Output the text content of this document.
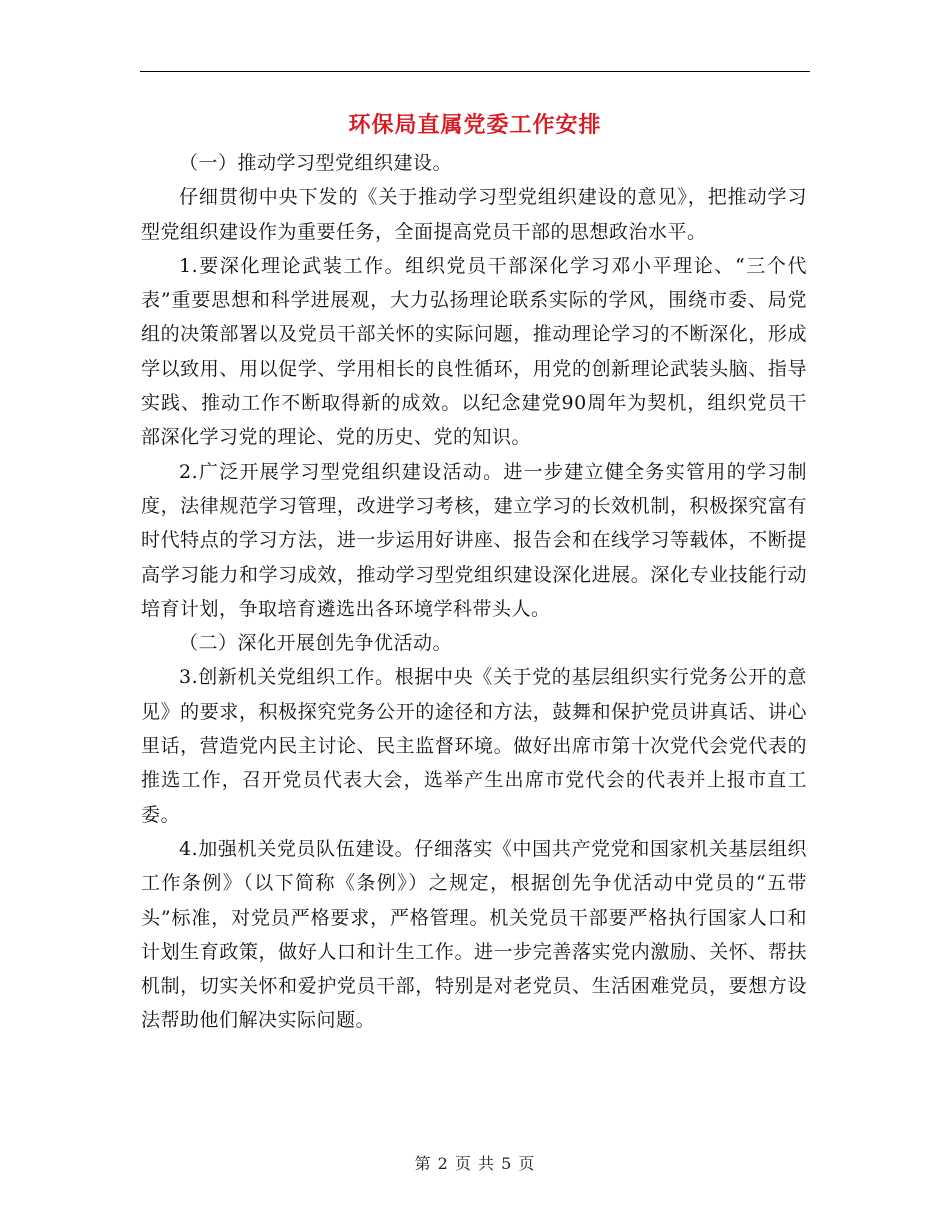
环保局直属党委工作安排

（一）推动学习型党组织建设。

仔细贯彻中央下发的《关于推动学习型党组织建设的意见》，把推动学习型党组织建设作为重要任务，全面提高党员干部的思想政治水平。

1.要深化理论武装工作。组织党员干部深化学习邓小平理论、“三个代表”重要思想和科学进展观，大力弘扬理论联系实际的学风，围绕市委、局党组的决策部署以及党员干部关怀的实际问题，推动理论学习的不断深化，形成学以致用、用以促学、学用相长的良性循环，用党的创新理论武装头脑、指导实践、推动工作不断取得新的成效。以纪念建党90周年为契机，组织党员干部深化学习党的理论、党的历史、党的知识。

2.广泛开展学习型党组织建设活动。进一步建立健全务实管用的学习制度，法律规范学习管理，改进学习考核，建立学习的长效机制，积极探究富有时代特点的学习方法，进一步运用好讲座、报告会和在线学习等载体，不断提高学习能力和学习成效，推动学习型党组织建设深化进展。深化专业技能行动培育计划，争取培育遴选出各环境学科带头人。

（二）深化开展创先争优活动。

3.创新机关党组织工作。根据中央《关于党的基层组织实行党务公开的意见》的要求，积极探究党务公开的途径和方法，鼓舞和保护党员讲真话、讲心里话，营造党内民主讨论、民主监督环境。做好出席市第十次党代会党代表的推选工作，召开党员代表大会，选举产生出席市党代会的代表并上报市直工委。

4.加强机关党员队伍建设。仔细落实《中国共产党党和国家机关基层组织工作条例》（以下简称《条例》）之规定，根据创先争优活动中党员的“五带头”标准，对党员严格要求，严格管理。机关党员干部要严格执行国家人口和计划生育政策，做好人口和计生工作。进一步完善落实党内激励、关怀、帮扶机制，切实关怀和爱护党员干部，特别是对老党员、生活困难党员，要想方设法帮助他们解决实际问题。

第 2 页 共 5 页
